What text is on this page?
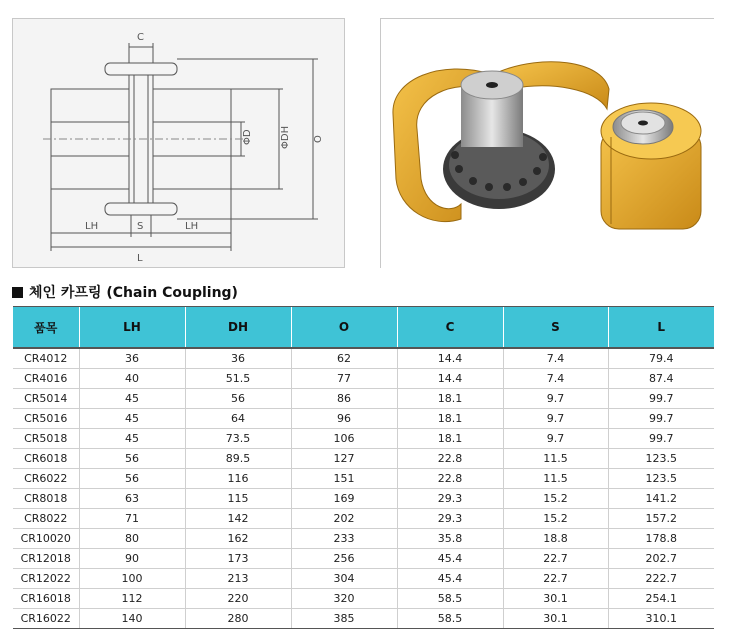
C
LH	S	LH
L
ΦD	ΦDH O
체인 카프링 (Chain Coupling)
품목	LH	DH	O	C	S	L
CR4012	36	36	62	14.4	7.4	79.4
CR4016	40	51.5	77	14.4	7.4	87.4
CR5014	45	56	86	18.1	9.7	99.7
CR5016	45	64	96	18.1	9.7	99.7
CR5018	45	73.5	106	18.1	9.7	99.7
CR6018	56	89.5	127	22.8	11.5	123.5
CR6022	56	116	151	22.8	11.5	123.5
CR8018	63	115	169	29.3	15.2	141.2
CR8022	71	142	202	29.3	15.2	157.2
CR10020	80	162	233	35.8	18.8	178.8
CR12018	90	173	256	45.4	22.7	202.7
CR12022	100	213	304	45.4	22.7	222.7
CR16018	112	220	320	58.5	30.1	254.1
CR16022	140	280	385	58.5	30.1	310.1
